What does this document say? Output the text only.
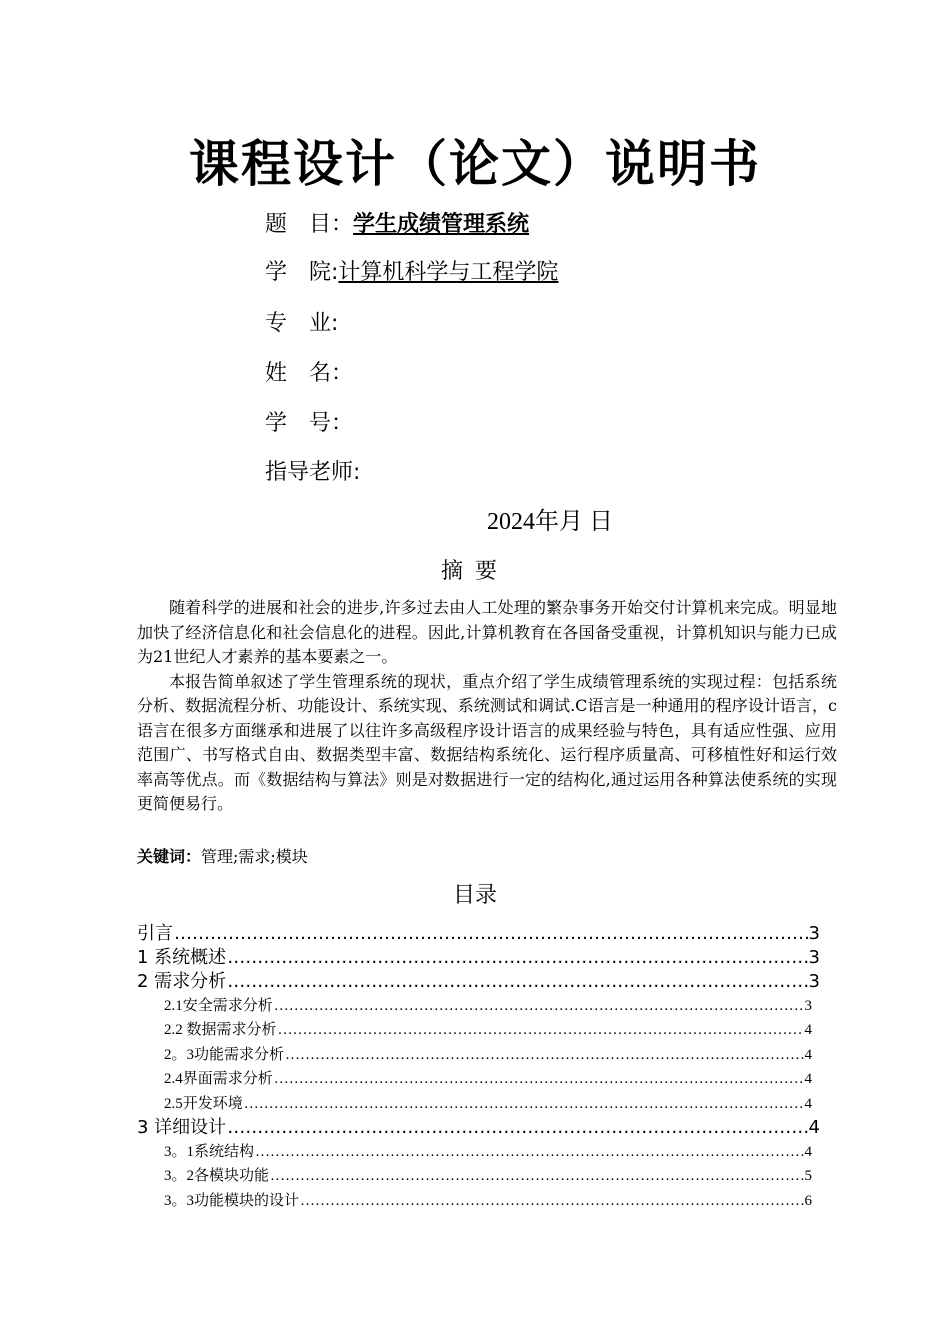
课程设计（论文）说明书
题　目：学生成绩管理系统
学　院:计算机科学与工程学院
专　业:
姓　名：
学　号：
指导老师:
2024年月 日
摘要

随着科学的进展和社会的进步,许多过去由人工处理的繁杂事务开始交付计算机来完成。明显地加快了经济信息化和社会信息化的进程。因此,计算机教育在各国备受重视，计算机知识与能力已成为21世纪人才素养的基本要素之一。

本报告简单叙述了学生管理系统的现状，重点介绍了学生成绩管理系统的实现过程：包括系统分析、数据流程分析、功能设计、系统实现、系统测试和调试.C语言是一种通用的程序设计语言，c语言在很多方面继承和进展了以往许多高级程序设计语言的成果经验与特色，具有适应性强、应用范围广、书写格式自由、数据类型丰富、数据结构系统化、运行程序质量高、可移植性好和运行效率高等优点。而《数据结构与算法》则是对数据进行一定的结构化,通过运用各种算法使系统的实现更简便易行。

关键词：管理;需求;模块
目录
引言 …………………………………………………………………………………………………………………………………………………………………………………	3
1 系统概述 …………………………………………………………………………………………………………………………………………………………………………………	3
2 需求分析 …………………………………………………………………………………………………………………………………………………………………………………	3
2.1安全需求分析 …………………………………………………………………………………………………………………………………………………………………………………	3
2.2 数据需求分析 …………………………………………………………………………………………………………………………………………………………………………………	4
2。3功能需求分析 …………………………………………………………………………………………………………………………………………………………………………………	4
2.4界面需求分析 …………………………………………………………………………………………………………………………………………………………………………………	4
2.5开发环境 …………………………………………………………………………………………………………………………………………………………………………………	4
3 详细设计 …………………………………………………………………………………………………………………………………………………………………………………	4
3。1系统结构 …………………………………………………………………………………………………………………………………………………………………………………	4
3。2各模块功能 …………………………………………………………………………………………………………………………………………………………………………………	5
3。3功能模块的设计 …………………………………………………………………………………………………………………………………………………………………………………	6
